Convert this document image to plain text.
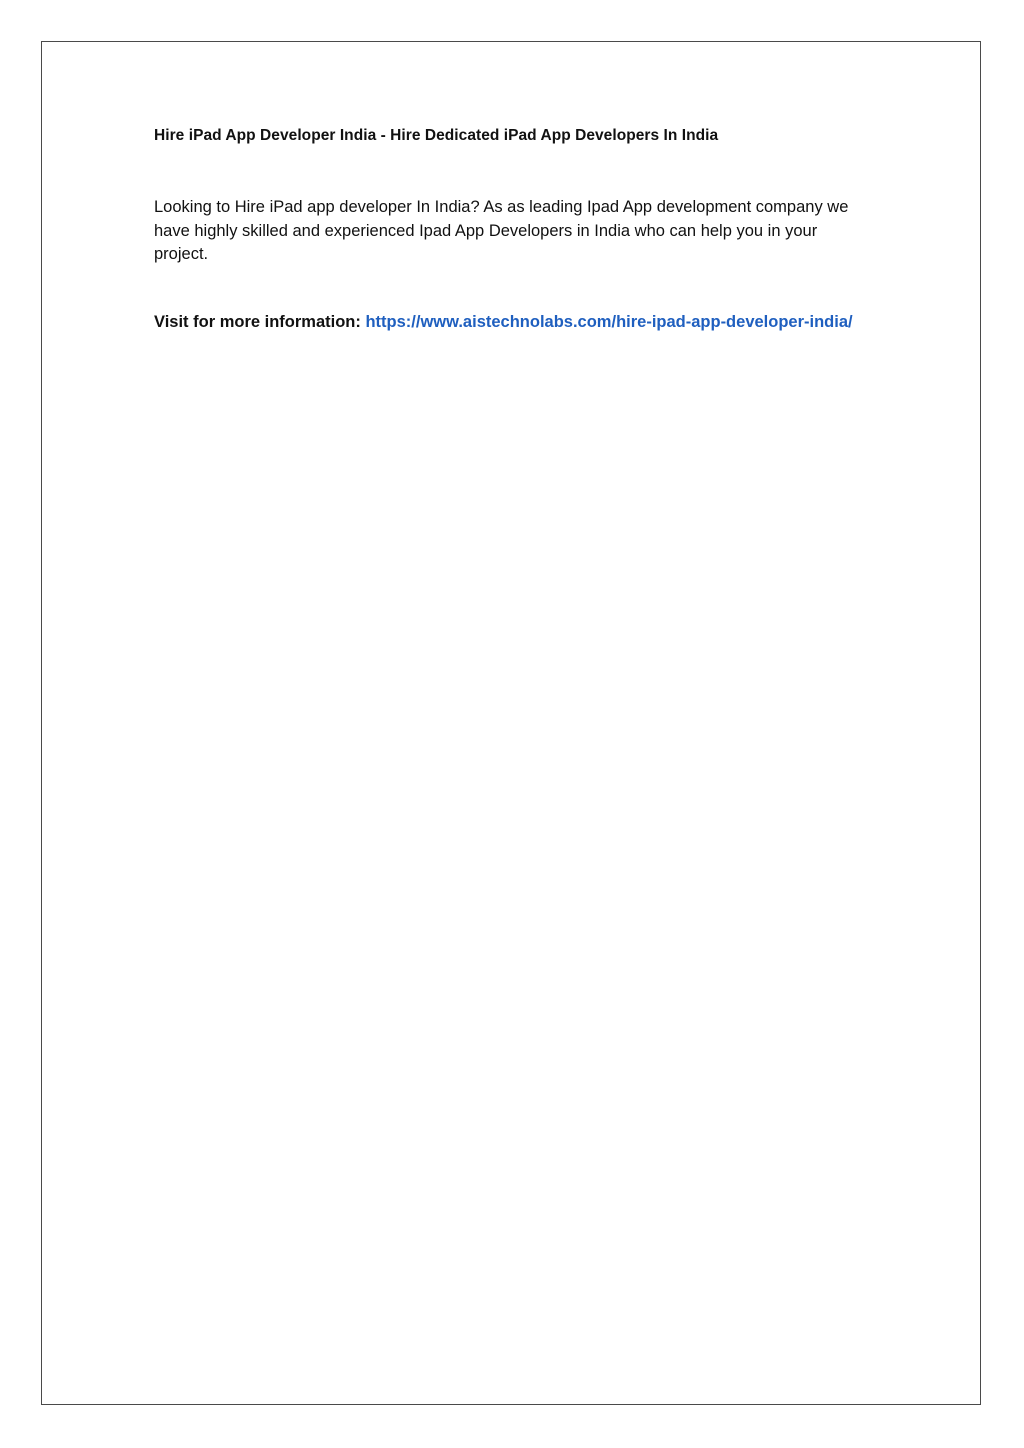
Hire iPad App Developer India - Hire Dedicated iPad App Developers In India

Looking to Hire iPad app developer In India? As as leading Ipad App development company we have highly skilled and experienced Ipad App Developers in India who can help you in your project.

Visit for more information: https://www.aistechnolabs.com/hire-ipad-app-developer-india/
